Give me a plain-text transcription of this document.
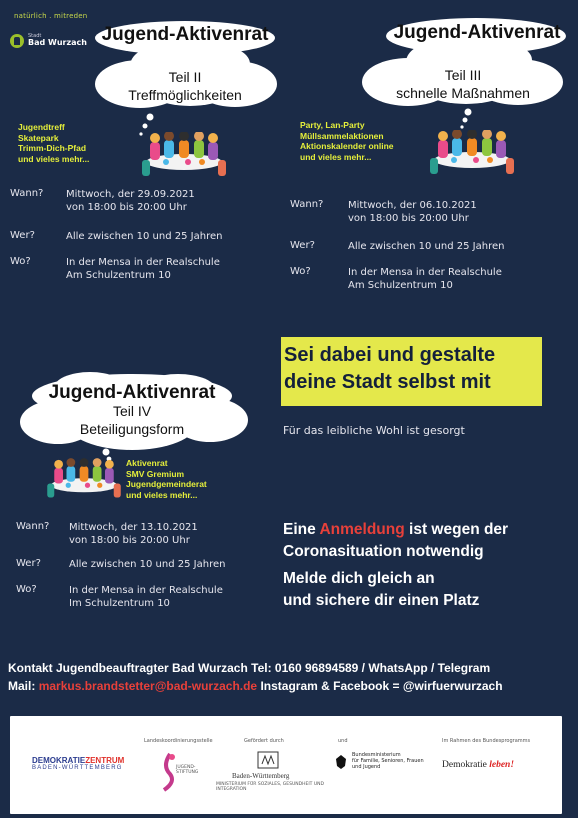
natürlich . mitreden
Stadt
Bad Wurzach Jugend-Aktivenrat
Teil II
Treffmöglichkeiten
Jugendtreff
Skatepark
Trimm-Dich-Pfad
und vieles mehr...
Wann? Mittwoch, der 29.09.2021
von 18:00 bis 20:00 Uhr
Wer?	Alle zwischen 10 und 25 Jahren
Wo?	In der Mensa in der Realschule
Am Schulzentrum 10
Jugend-Aktivenrat
Teil III
schnelle Maßnahmen
Party, Lan-Party
Müllsammelaktionen
Aktionskalender online
und vieles mehr...
Wann? Mittwoch, der 06.10.2021
von 18:00 bis 20:00 Uhr
Wer?	Alle zwischen 10 und 25 Jahren
Wo?	In der Mensa in der Realschule
Am Schulzentrum 10
Sei dabei und gestalte
deine Stadt selbst mit
Für das leibliche Wohl ist gesorgt
Jugend-Aktivenrat
Teil IV
Beteiligungsform
Aktivenrat
SMV Gremium
Jugendgemeinderat
und vieles mehr...
Wann? Mittwoch, der 13.10.2021
von 18:00 bis 20:00 Uhr
Wer?	Alle zwischen 10 und 25 Jahren
Wo?	In der Mensa in der Realschule
Im Schulzentrum 10
Eine Anmeldung ist wegen der
Coronasituation notwendig
Melde dich gleich an
und sichere dir einen Platz
Kontakt Jugendbeauftragter Bad Wurzach Tel: 0160 96894589 / WhatsApp / Telegram
Mail: markus.brandstetter@bad-wurzach.de Instagram & Facebook = @wirfuerwurzach
DEMOKRATIEZENTRUM
BADEN-WÜRTTEMBERG
Landeskoordinierungsstelle
JUGEND-STIFTUNG
Gefördert durch
Baden-Württemberg
MINISTERIUM FÜR SOZIALES, GESUNDHEIT UND INTEGRATION
und
Bundesministerium
für Familie, Senioren, Frauen
und Jugend
Im Rahmen des Bundesprogramms
Demokratie leben!
